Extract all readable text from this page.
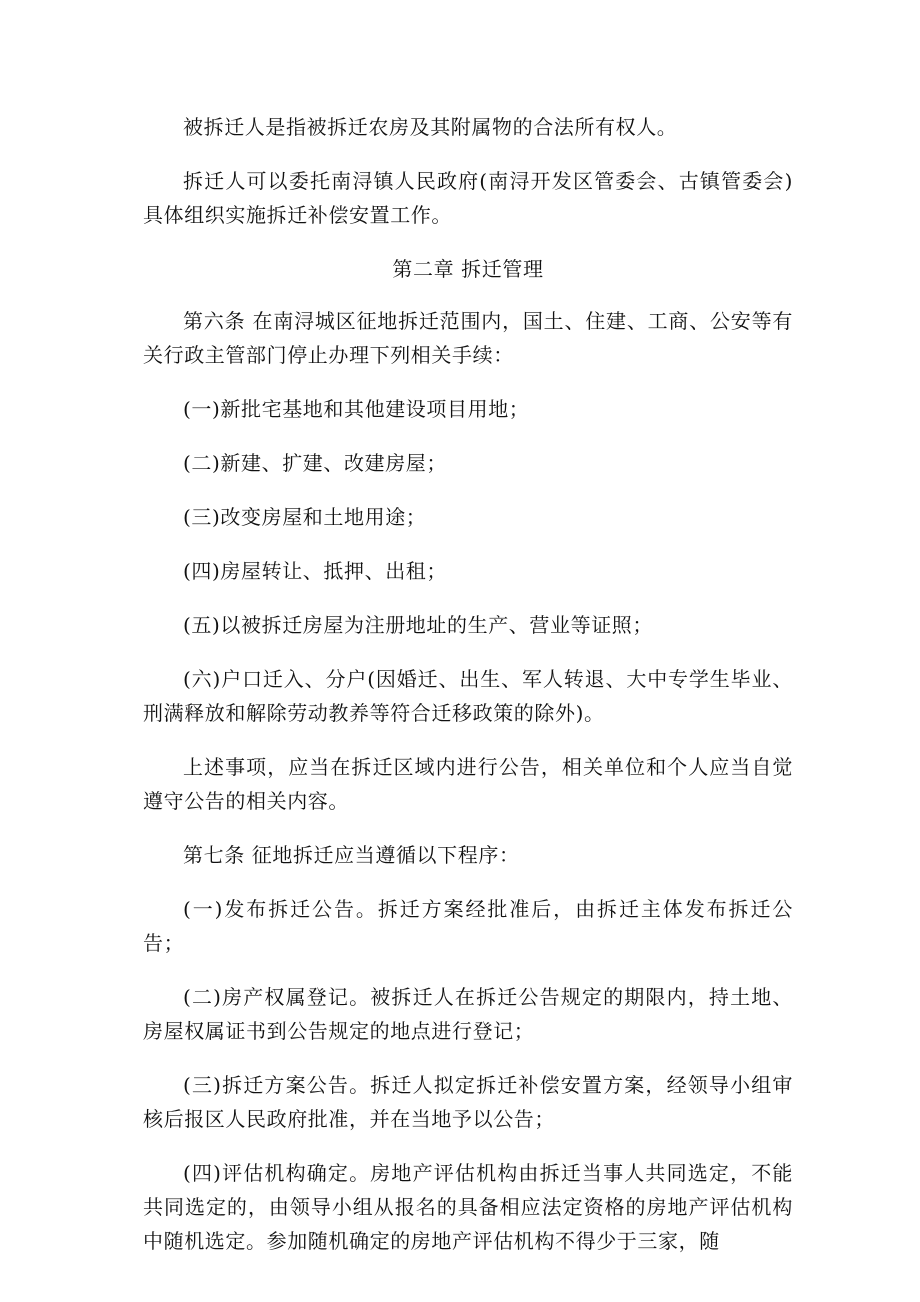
被拆迁人是指被拆迁农房及其附属物的合法所有权人。

拆迁人可以委托南浔镇人民政府(南浔开发区管委会、古镇管委会)具体组织实施拆迁补偿安置工作。

第二章 拆迁管理

第六条 在南浔城区征地拆迁范围内，国土、住建、工商、公安等有关行政主管部门停止办理下列相关手续：

(一)新批宅基地和其他建设项目用地；

(二)新建、扩建、改建房屋；

(三)改变房屋和土地用途；

(四)房屋转让、抵押、出租；

(五)以被拆迁房屋为注册地址的生产、营业等证照；

(六)户口迁入、分户(因婚迁、出生、军人转退、大中专学生毕业、刑满释放和解除劳动教养等符合迁移政策的除外)。

上述事项，应当在拆迁区域内进行公告，相关单位和个人应当自觉遵守公告的相关内容。

第七条 征地拆迁应当遵循以下程序：

(一)发布拆迁公告。拆迁方案经批准后，由拆迁主体发布拆迁公告；

(二)房产权属登记。被拆迁人在拆迁公告规定的期限内，持土地、房屋权属证书到公告规定的地点进行登记；

(三)拆迁方案公告。拆迁人拟定拆迁补偿安置方案，经领导小组审核后报区人民政府批准，并在当地予以公告；

(四)评估机构确定。房地产评估机构由拆迁当事人共同选定，不能共同选定的，由领导小组从报名的具备相应法定资格的房地产评估机构中随机选定。参加随机确定的房地产评估机构不得少于三家，随
